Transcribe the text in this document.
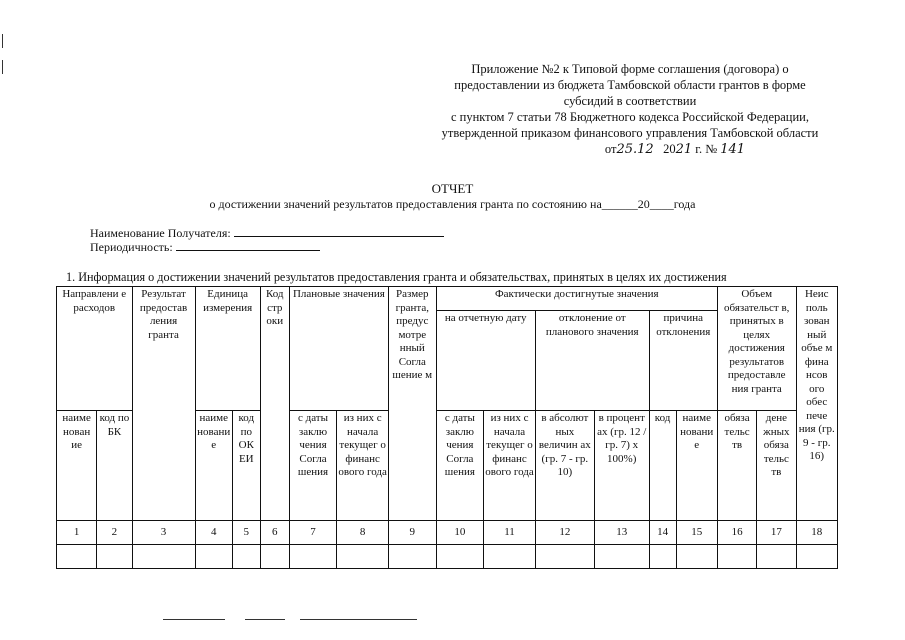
Приложение №2 к Типовой форме соглашения (договора) о
предоставлении из бюджета Тамбовской области грантов в форме
субсидий в соответствии
с пунктом 7 статьи 78 Бюджетного кодекса Российской Федерации,
утвержденной приказом финансового управления Тамбовской области
от25.12 2021 г. № 141
ОТЧЕТ
о достижении значений результатов предоставления гранта по состоянию на______20____года
Наименование Получателя:
Периодичность:
1. Информация о достижении значений результатов предоставления гранта и обязательствах, принятых в целях их достижения
Направлени е расходов		Результат предостав ления гранта	Единица измерения		Код стр оки	Плановые значения		Размер гранта, предус мотре нный Согла шение м	Фактически достигнутые значения						Объем обязательст в, принятых в целях достижения результатов предоставле ния гранта		Неис поль зован ный объе м фина нсов ого обес пече ния (гр. 9 - гр. 16)
									на отчетную дату		отклонение от планового значения		причина отклонения				
наиме нован ие	код по БК		наиме новани е	код по ОК ЕИ		с даты заклю чения Согла шения	из них с начала текущег о финанс ового года		с даты заклю чения Согла шения	из них с начала текущег о финанс ового года	в абсолют ных величин ах (гр. 7 - гр. 10)	в процент ах (гр. 12 / гр. 7) х 100%)	код	наиме новани е	обяза тельс тв	дене жных обяза тельс тв	
1	2	3	4	5	6	7	8	9	10	11	12	13	14	15	16	17	18
